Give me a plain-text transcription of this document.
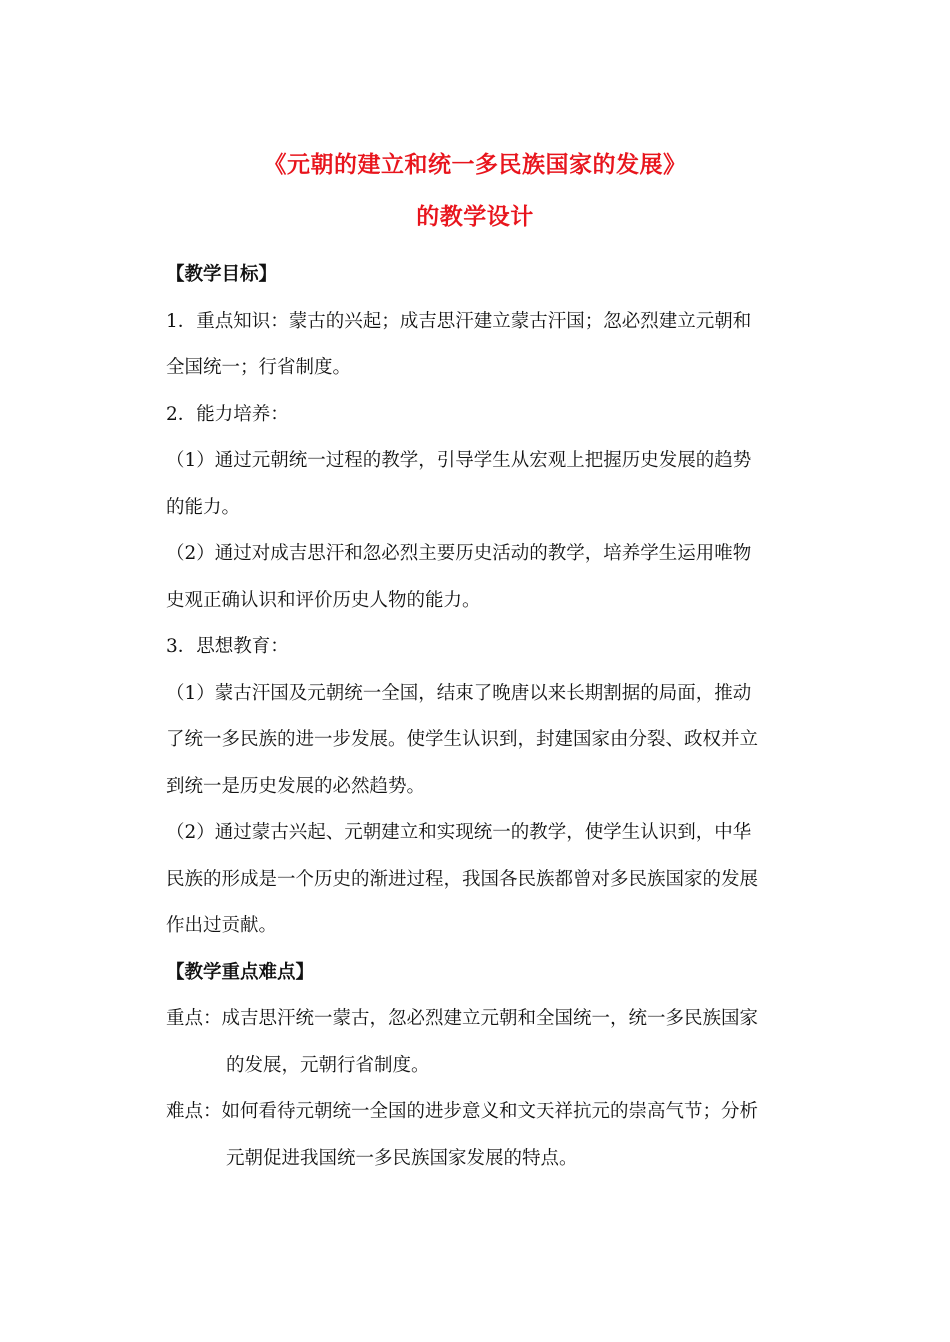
《元朝的建立和统一多民族国家的发展》
的教学设计
【教学目标】
1．重点知识：蒙古的兴起；成吉思汗建立蒙古汗国；忽必烈建立元朝和
全国统一；行省制度。
2．能力培养：
（1）通过元朝统一过程的教学，引导学生从宏观上把握历史发展的趋势
的能力。
（2）通过对成吉思汗和忽必烈主要历史活动的教学，培养学生运用唯物
史观正确认识和评价历史人物的能力。
3．思想教育：
（1）蒙古汗国及元朝统一全国，结束了晚唐以来长期割据的局面，推动
了统一多民族的进一步发展。使学生认识到，封建国家由分裂、政权并立
到统一是历史发展的必然趋势。
（2）通过蒙古兴起、元朝建立和实现统一的教学，使学生认识到，中华
民族的形成是一个历史的渐进过程，我国各民族都曾对多民族国家的发展
作出过贡献。
【教学重点难点】
重点：成吉思汗统一蒙古，忽必烈建立元朝和全国统一，统一多民族国家
的发展，元朝行省制度。
难点：如何看待元朝统一全国的进步意义和文天祥抗元的崇高气节；分析
元朝促进我国统一多民族国家发展的特点。
